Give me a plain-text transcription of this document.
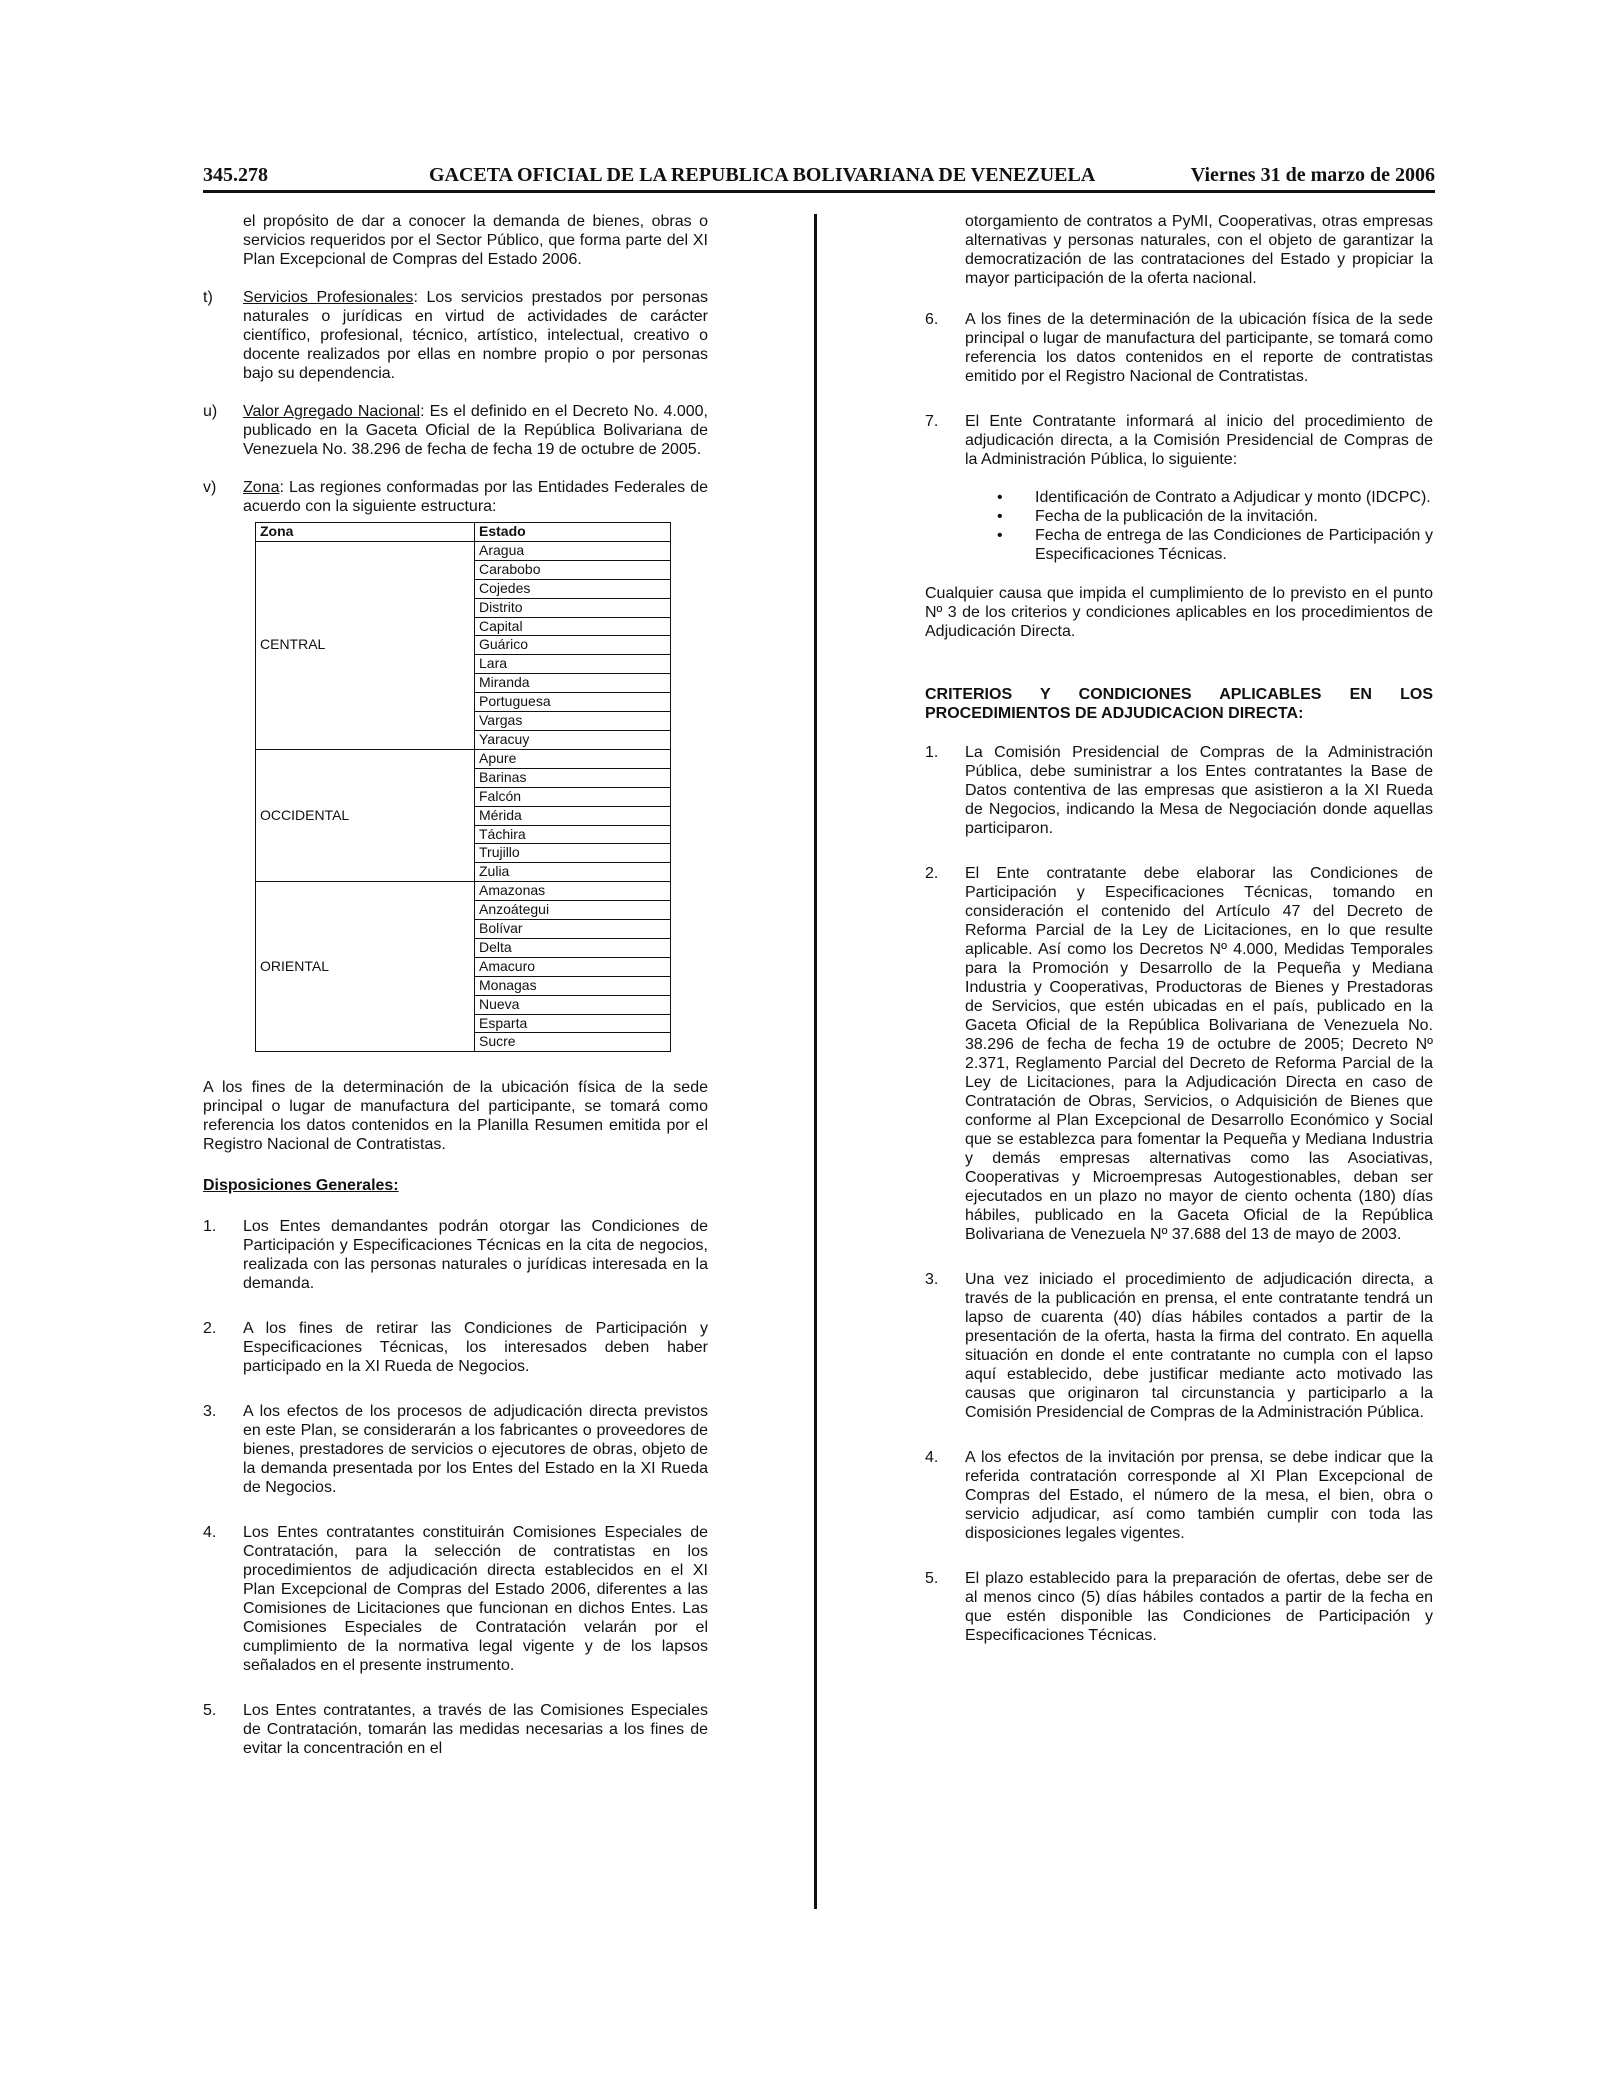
345.278	GACETA OFICIAL DE LA REPUBLICA BOLIVARIANA DE VENEZUELA	Viernes 31 de marzo de 2006
el propósito de dar a conocer la demanda de bienes, obras o servicios requeridos por el Sector Público, que forma parte del XI Plan Excepcional de Compras del Estado 2006.
t) Servicios Profesionales: Los servicios prestados por personas naturales o jurídicas en virtud de actividades de carácter científico, profesional, técnico, artístico, intelectual, creativo o docente realizados por ellas en nombre propio o por personas bajo su dependencia.
u) Valor Agregado Nacional: Es el definido en el Decreto No. 4.000, publicado en la Gaceta Oficial de la República Bolivariana de Venezuela No. 38.296 de fecha de fecha 19 de octubre de 2005.
v) Zona: Las regiones conformadas por las Entidades Federales de acuerdo con la siguiente estructura:
Zona	Estado
CENTRAL	Aragua
	Carabobo
	Cojedes
	Distrito
	Capital
	Guárico
	Lara
	Miranda
	Portuguesa
	Vargas
	Yaracuy
OCCIDENTAL	Apure
	Barinas
	Falcón
	Mérida
	Táchira
	Trujillo
	Zulia
ORIENTAL	Amazonas
	Anzoátegui
	Bolívar
	Delta
	Amacuro
	Monagas
	Nueva
	Esparta
	Sucre
A los fines de la determinación de la ubicación física de la sede principal o lugar de manufactura del participante, se tomará como referencia los datos contenidos en la Planilla Resumen emitida por el Registro Nacional de Contratistas.
Disposiciones Generales:
1. Los Entes demandantes podrán otorgar las Condiciones de Participación y Especificaciones Técnicas en la cita de negocios, realizada con las personas naturales o jurídicas interesada en la demanda.
2. A los fines de retirar las Condiciones de Participación y Especificaciones Técnicas, los interesados deben haber participado en la XI Rueda de Negocios.
3. A los efectos de los procesos de adjudicación directa previstos en este Plan, se considerarán a los fabricantes o proveedores de bienes, prestadores de servicios o ejecutores de obras, objeto de la demanda presentada por los Entes del Estado en la XI Rueda de Negocios.
4. Los Entes contratantes constituirán Comisiones Especiales de Contratación, para la selección de contratistas en los procedimientos de adjudicación directa establecidos en el XI Plan Excepcional de Compras del Estado 2006, diferentes a las Comisiones de Licitaciones que funcionan en dichos Entes. Las Comisiones Especiales de Contratación velarán por el cumplimiento de la normativa legal vigente y de los lapsos señalados en el presente instrumento.
5. Los Entes contratantes, a través de las Comisiones Especiales de Contratación, tomarán las medidas necesarias a los fines de evitar la concentración en el
otorgamiento de contratos a PyMI, Cooperativas, otras empresas alternativas y personas naturales, con el objeto de garantizar la democratización de las contrataciones del Estado y propiciar la mayor participación de la oferta nacional.
6. A los fines de la determinación de la ubicación física de la sede principal o lugar de manufactura del participante, se tomará como referencia los datos contenidos en el reporte de contratistas emitido por el Registro Nacional de Contratistas.
7. El Ente Contratante informará al inicio del procedimiento de adjudicación directa, a la Comisión Presidencial de Compras de la Administración Pública, lo siguiente:
• Identificación de Contrato a Adjudicar y monto (IDCPC).
• Fecha de la publicación de la invitación.
• Fecha de entrega de las Condiciones de Participación y Especificaciones Técnicas.
Cualquier causa que impida el cumplimiento de lo previsto en el punto Nº 3 de los criterios y condiciones aplicables en los procedimientos de Adjudicación Directa.
CRITERIOS Y CONDICIONES APLICABLES EN LOS PROCEDIMIENTOS DE ADJUDICACION DIRECTA:
1. La Comisión Presidencial de Compras de la Administración Pública, debe suministrar a los Entes contratantes la Base de Datos contentiva de las empresas que asistieron a la XI Rueda de Negocios, indicando la Mesa de Negociación donde aquellas participaron.
2. El Ente contratante debe elaborar las Condiciones de Participación y Especificaciones Técnicas, tomando en consideración el contenido del Artículo 47 del Decreto de Reforma Parcial de la Ley de Licitaciones, en lo que resulte aplicable. Así como los Decretos Nº 4.000, Medidas Temporales para la Promoción y Desarrollo de la Pequeña y Mediana Industria y Cooperativas, Productoras de Bienes y Prestadoras de Servicios, que estén ubicadas en el país, publicado en la Gaceta Oficial de la República Bolivariana de Venezuela No. 38.296 de fecha de fecha 19 de octubre de 2005; Decreto Nº 2.371, Reglamento Parcial del Decreto de Reforma Parcial de la Ley de Licitaciones, para la Adjudicación Directa en caso de Contratación de Obras, Servicios, o Adquisición de Bienes que conforme al Plan Excepcional de Desarrollo Económico y Social que se establezca para fomentar la Pequeña y Mediana Industria y demás empresas alternativas como las Asociativas, Cooperativas y Microempresas Autogestionables, deban ser ejecutados en un plazo no mayor de ciento ochenta (180) días hábiles, publicado en la Gaceta Oficial de la República Bolivariana de Venezuela Nº 37.688 del 13 de mayo de 2003.
3. Una vez iniciado el procedimiento de adjudicación directa, a través de la publicación en prensa, el ente contratante tendrá un lapso de cuarenta (40) días hábiles contados a partir de la presentación de la oferta, hasta la firma del contrato. En aquella situación en donde el ente contratante no cumpla con el lapso aquí establecido, debe justificar mediante acto motivado las causas que originaron tal circunstancia y participarlo a la Comisión Presidencial de Compras de la Administración Pública.
4. A los efectos de la invitación por prensa, se debe indicar que la referida contratación corresponde al XI Plan Excepcional de Compras del Estado, el número de la mesa, el bien, obra o servicio adjudicar, así como también cumplir con toda las disposiciones legales vigentes.
5. El plazo establecido para la preparación de ofertas, debe ser de al menos cinco (5) días hábiles contados a partir de la fecha en que estén disponible las Condiciones de Participación y Especificaciones Técnicas.
